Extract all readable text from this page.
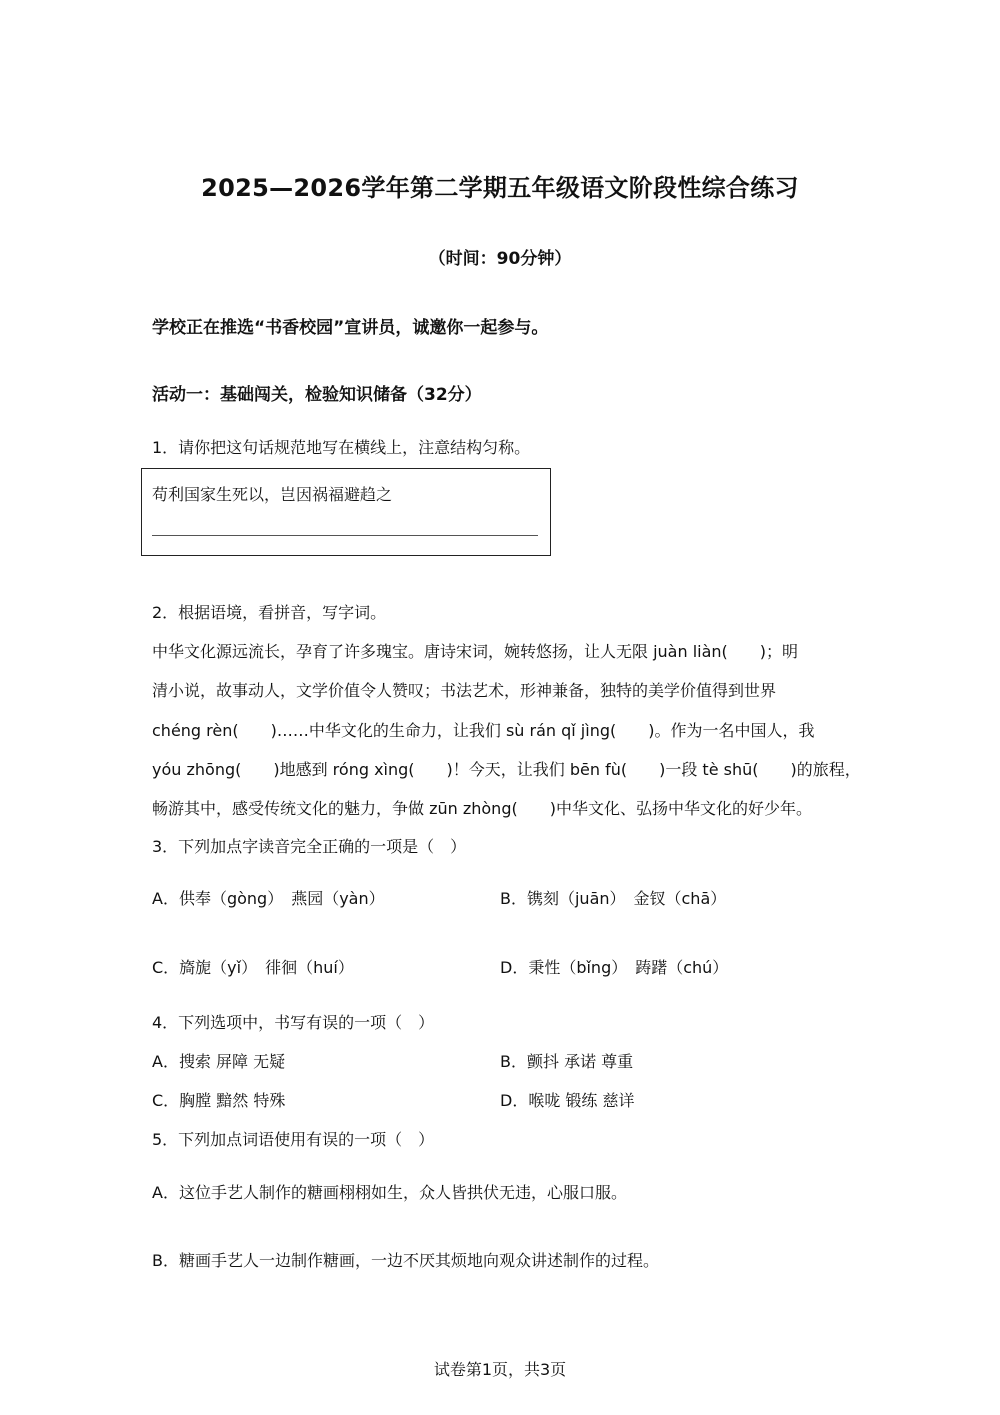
2025—2026学年第二学期五年级语文阶段性综合练习
（时间：90分钟）
学校正在推选“书香校园”宣讲员，诚邀你一起参与。
活动一：基础闯关，检验知识储备（32分）
1．请你把这句话规范地写在横线上，注意结构匀称。
苟利国家生死以，岂因祸福避趋之
2．根据语境，看拼音，写字词。
中华文化源远流长，孕育了许多瑰宝。唐诗宋词，婉转悠扬，让人无限 juàn liàn(　　)；明
清小说，故事动人，文学价值令人赞叹；书法艺术，形神兼备，独特的美学价值得到世界
chéng rèn(　　)……中华文化的生命力，让我们 sù rán qǐ jìng(　　)。作为一名中国人，我
yóu zhōng(　　)地感到 róng xìng(　　)！今天，让我们 bēn fù(　　)一段 tè shū(　　)的旅程，
畅游其中，感受传统文化的魅力，争做 zūn zhòng(　　)中华文化、弘扬中华文化的好少年。
3．下列加点字读音完全正确的一项是（　）
A．供奉（gòng）　燕园（yàn）	B．镌刻（juān）　金钗（chā）
C．旖旎（yǐ）　徘徊（huí）	D．秉性（bǐng）　踌躇（chú）
4．下列选项中，书写有误的一项（　）
A．搜索 屏障 无疑	B．颤抖 承诺 尊重
C．胸膛 黯然 特殊	D．喉咙 锻练 慈详
5．下列加点词语使用有误的一项（　）
A．这位手艺人制作的糖画栩栩如生，众人皆拱伏无违，心服口服。
B．糖画手艺人一边制作糖画，一边不厌其烦地向观众讲述制作的过程。
试卷第1页，共3页
